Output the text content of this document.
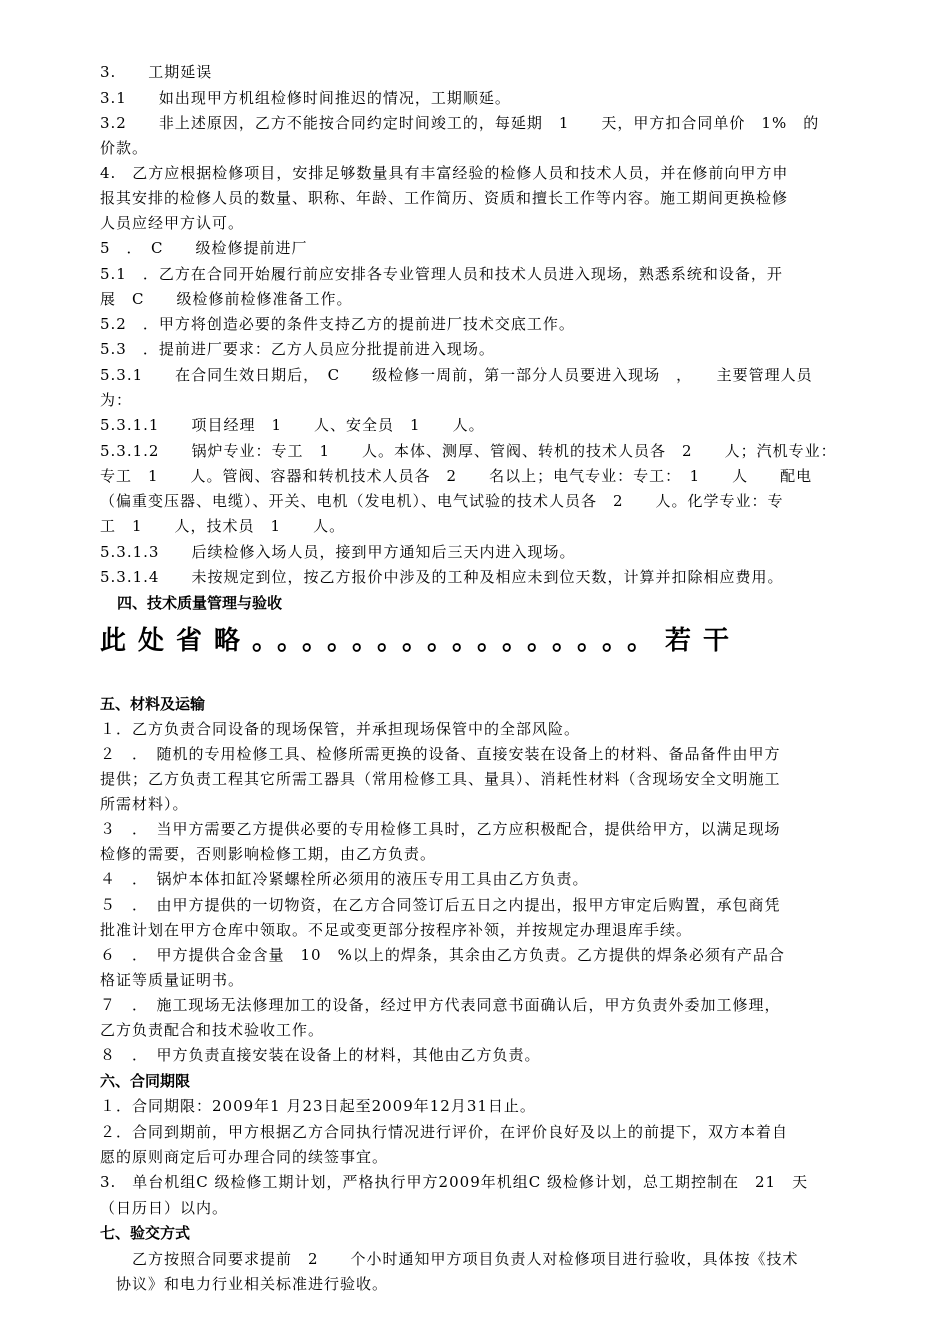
3.　　工期延误
3.1　　如出现甲方机组检修时间推迟的情况，工期顺延。
3.2　　非上述原因，乙方不能按合同约定时间竣工的，每延期　1　　天，甲方扣合同单价　1%　的
价款。
4.　乙方应根据检修项目，安排足够数量具有丰富经验的检修人员和技术人员，并在修前向甲方申
报其安排的检修人员的数量、职称、年龄、工作简历、资质和擅长工作等内容。施工期间更换检修
人员应经甲方认可。
5　．　C　　级检修提前进厂
5.1　．乙方在合同开始履行前应安排各专业管理人员和技术人员进入现场，熟悉系统和设备，开
展　C　　级检修前检修准备工作。
5.2　．甲方将创造必要的条件支持乙方的提前进厂技术交底工作。
5.3　．提前进厂要求：乙方人员应分批提前进入现场。
5.3.1　　在合同生效日期后，　C　　级检修一周前，第一部分人员要进入现场　，　　主要管理人员
为：
5.3.1.1　　项目经理　1　　人、安全员　1　　人。
5.3.1.2　　锅炉专业：专工　1　　人。本体、测厚、管阀、转机的技术人员各　2　　人；汽机专业：
专工　1　　人。管阀、容器和转机技术人员各　2　　名以上；电气专业：专工：　1　　人　　配电
（偏重变压器、电缆）、开关、电机（发电机）、电气试验的技术人员各　2　　人。化学专业：专
工　1　　人，技术员　1　　人。
5.3.1.3　　后续检修入场人员，接到甲方通知后三天内进入现场。
5.3.1.4　　未按规定到位，按乙方报价中涉及的工种及相应未到位天数，计算并扣除相应费用。
四、技术质量管理与验收
此处省略。。。。。。。。。。。。。。。。若干
五、材料及运输
１．乙方负责合同设备的现场保管，并承担现场保管中的全部风险。
２　．　随机的专用检修工具、检修所需更换的设备、直接安装在设备上的材料、备品备件由甲方
提供；乙方负责工程其它所需工器具（常用检修工具、量具）、消耗性材料（含现场安全文明施工
所需材料）。
３　．　当甲方需要乙方提供必要的专用检修工具时，乙方应积极配合，提供给甲方，以满足现场
检修的需要，否则影响检修工期，由乙方负责。
４　．　锅炉本体扣缸冷紧螺栓所必须用的液压专用工具由乙方负责。
５　．　由甲方提供的一切物资，在乙方合同签订后五日之内提出，报甲方审定后购置，承包商凭
批准计划在甲方仓库中领取。不足或变更部分按程序补领，并按规定办理退库手续。
６　．　甲方提供合金含量　10　%以上的焊条，其余由乙方负责。乙方提供的焊条必须有产品合
格证等质量证明书。
７　．　施工现场无法修理加工的设备，经过甲方代表同意书面确认后，甲方负责外委加工修理，
乙方负责配合和技术验收工作。
８　．　甲方负责直接安装在设备上的材料，其他由乙方负责。
六、合同期限
１．合同期限：2009年1 月23日起至2009年12月31日止。
２．合同到期前，甲方根据乙方合同执行情况进行评价，在评价良好及以上的前提下，双方本着自
愿的原则商定后可办理合同的续签事宜。
3.　单台机组C 级检修工期计划，严格执行甲方2009年机组C 级检修计划，总工期控制在　21　天
（日历日）以内。
七、验交方式
　　乙方按照合同要求提前　2　　个小时通知甲方项目负责人对检修项目进行验收，具体按《技术
　协议》和电力行业相关标准进行验收。
